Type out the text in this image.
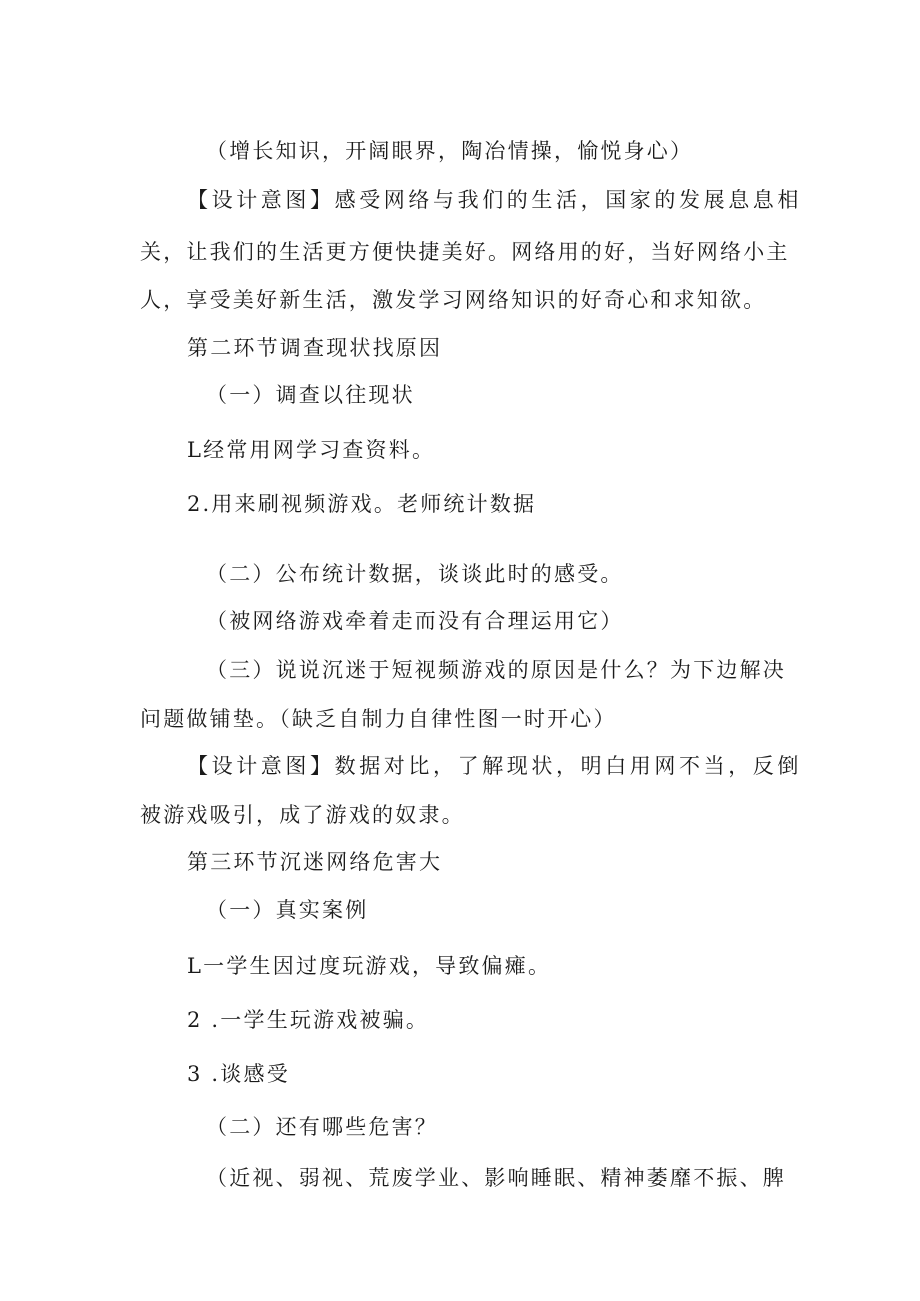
（增长知识，开阔眼界，陶冶情操，愉悦身心）
【设计意图】感受网络与我们的生活，国家的发展息息相
关，让我们的生活更方便快捷美好。网络用的好，当好网络小主
人，享受美好新生活，激发学习网络知识的好奇心和求知欲。
第二环节调查现状找原因
（一）调查以往现状
L经常用网学习查资料。
2.用来刷视频游戏。老师统计数据
（二）公布统计数据，谈谈此时的感受。
（被网络游戏牵着走而没有合理运用它）
（三）说说沉迷于短视频游戏的原因是什么？为下边解决
问题做铺垫。（缺乏自制力自律性图一时开心）
【设计意图】数据对比，了解现状，明白用网不当，反倒
被游戏吸引，成了游戏的奴隶。
第三环节沉迷网络危害大
（一）真实案例
L一学生因过度玩游戏，导致偏瘫。
2 .一学生玩游戏被骗。
3 .谈感受
（二）还有哪些危害？
（近视、弱视、荒废学业、影响睡眠、精神萎靡不振、脾
